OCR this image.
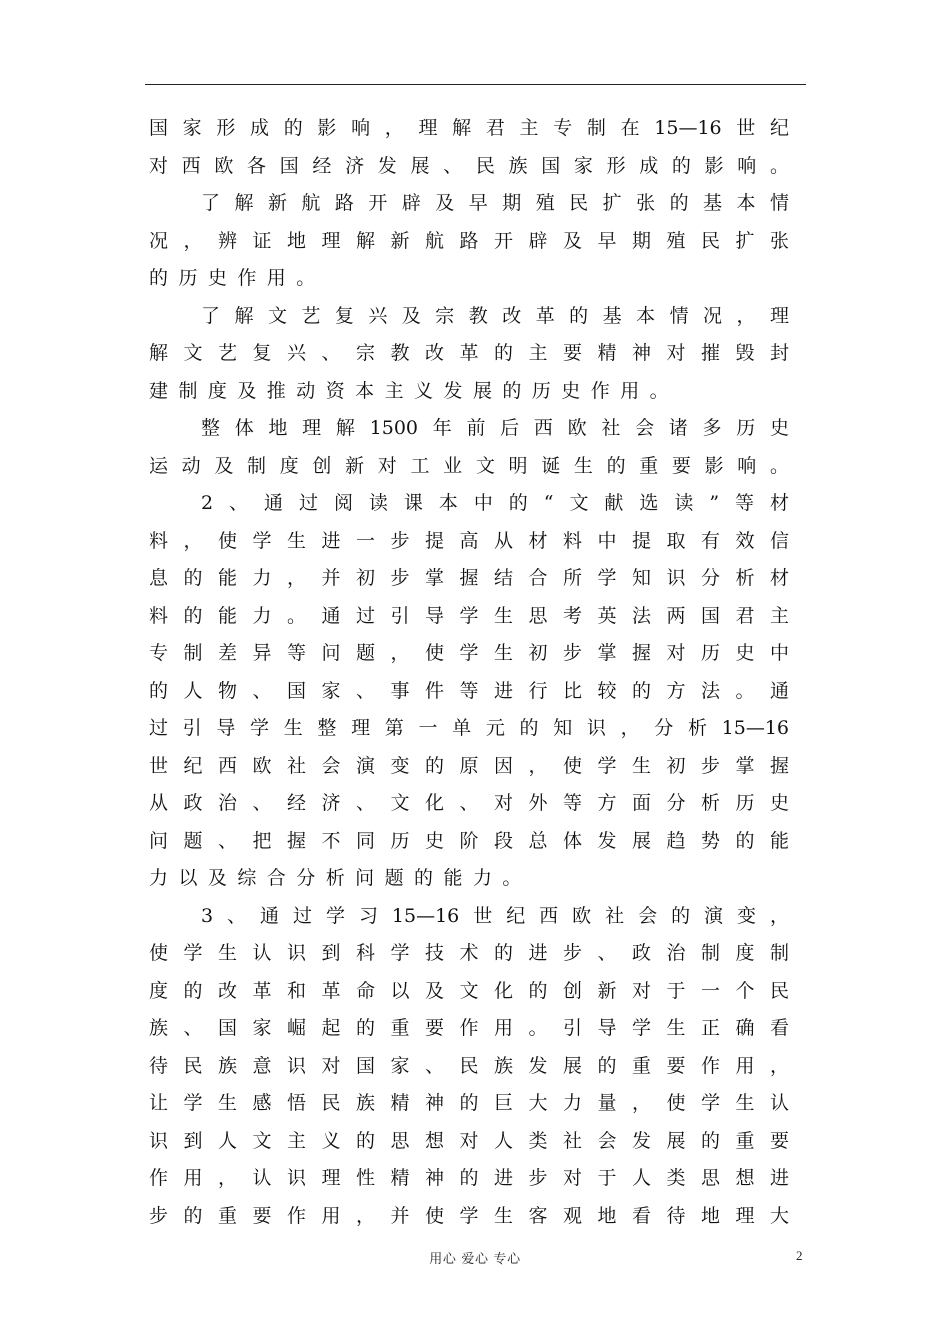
国家形成的影响，理解君主专制在15—16世纪
对西欧各国经济发展、民族国家形成的影响。
了解新航路开辟及早期殖民扩张的基本情
况，辨证地理解新航路开辟及早期殖民扩张
的历史作用。
了解文艺复兴及宗教改革的基本情况，理
解文艺复兴、宗教改革的主要精神对摧毁封
建制度及推动资本主义发展的历史作用。
整体地理解1500年前后西欧社会诸多历史
运动及制度创新对工业文明诞生的重要影响。
2、通过阅读课本中的“文献选读”等材
料，使学生进一步提高从材料中提取有效信
息的能力，并初步掌握结合所学知识分析材
料的能力。通过引导学生思考英法两国君主
专制差异等问题，使学生初步掌握对历史中
的人物、国家、事件等进行比较的方法。通
过引导学生整理第一单元的知识，分析15—16
世纪西欧社会演变的原因，使学生初步掌握
从政治、经济、文化、对外等方面分析历史
问题、把握不同历史阶段总体发展趋势的能
力以及综合分析问题的能力。
3、通过学习15—16世纪西欧社会的演变，
使学生认识到科学技术的进步、政治制度制
度的改革和革命以及文化的创新对于一个民
族、国家崛起的重要作用。引导学生正确看
待民族意识对国家、民族发展的重要作用，
让学生感悟民族精神的巨大力量，使学生认
识到人文主义的思想对人类社会发展的重要
作用，认识理性精神的进步对于人类思想进
步的重要作用，并使学生客观地看待地理大
用心 爱心 专心	2
